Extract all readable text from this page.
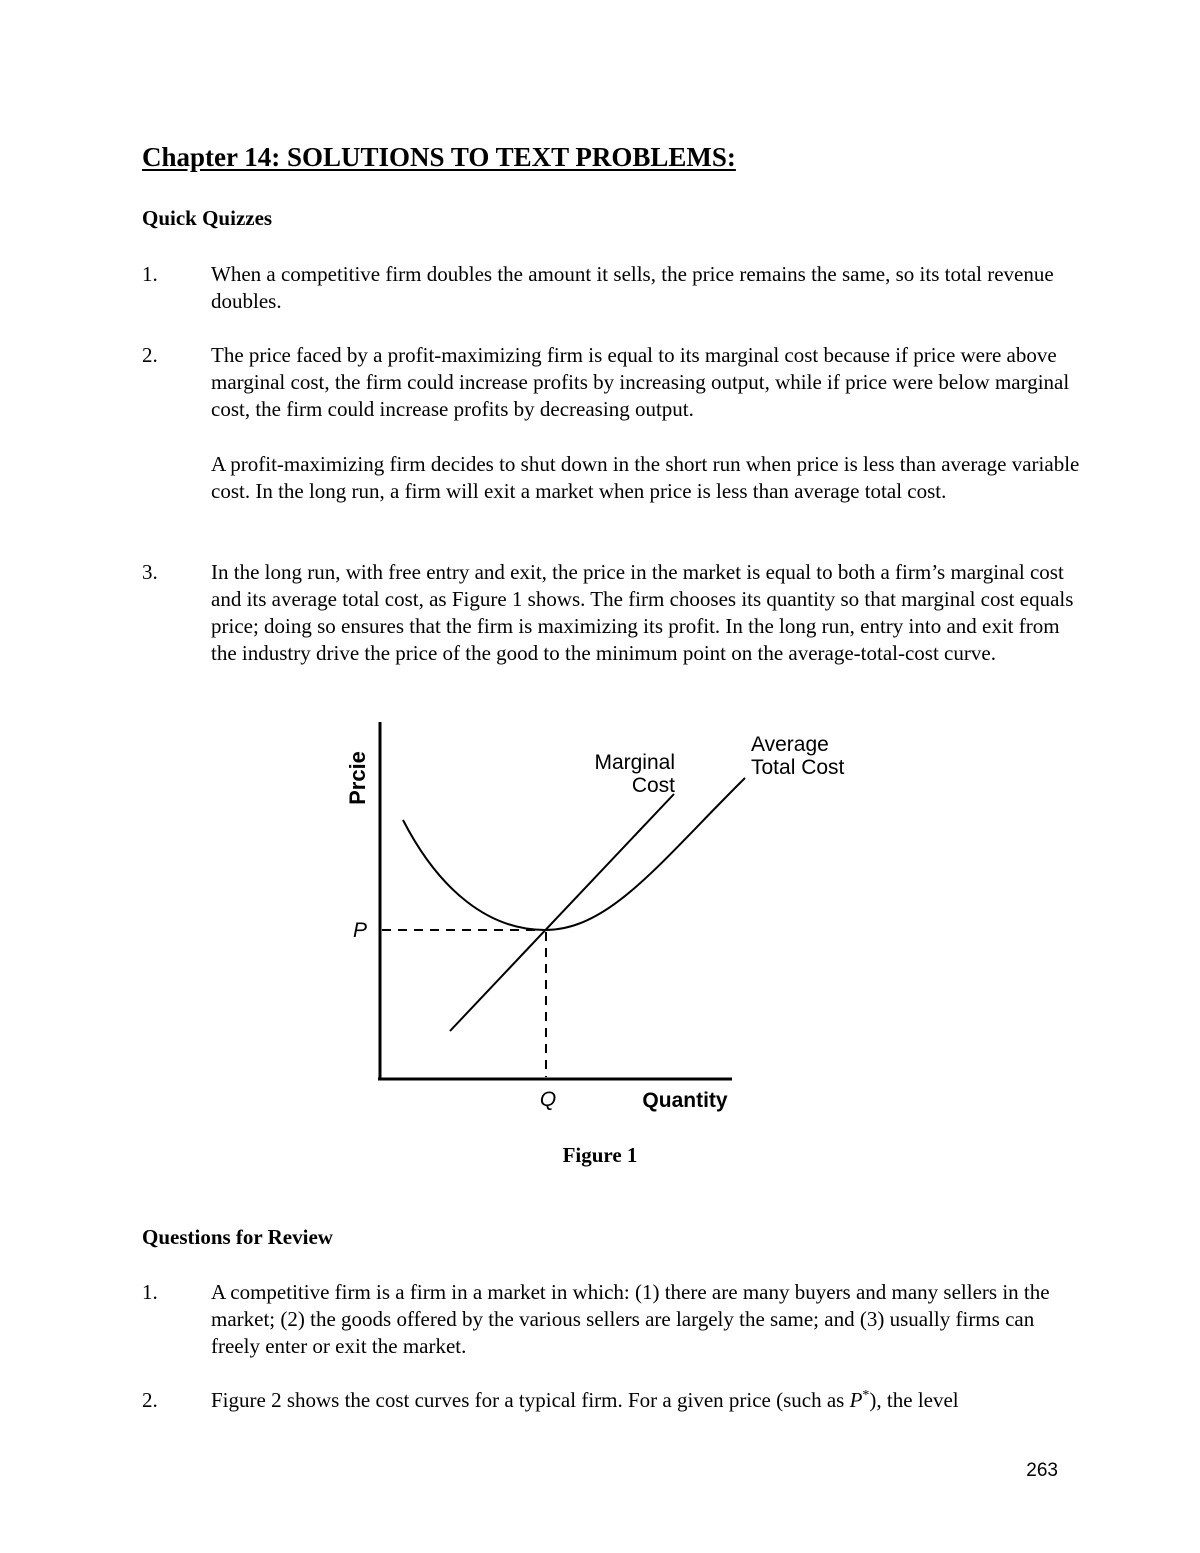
Chapter 14: SOLUTIONS TO TEXT PROBLEMS:
Quick Quizzes
1.	When a competitive firm doubles the amount it sells, the price remains the same, so its total revenue doubles.
2.	The price faced by a profit-maximizing firm is equal to its marginal cost because if price were above marginal cost, the firm could increase profits by increasing output, while if price were below marginal cost, the firm could increase profits by decreasing output.
A profit-maximizing firm decides to shut down in the short run when price is less than average variable cost. In the long run, a firm will exit a market when price is less than average total cost.
3.	In the long run, with free entry and exit, the price in the market is equal to both a firm’s marginal cost and its average total cost, as Figure 1 shows. The firm chooses its quantity so that marginal cost equals price; doing so ensures that the firm is maximizing its profit. In the long run, entry into and exit from the industry drive the price of the good to the minimum point on the average-total-cost curve.
Prcie
P
Q	Quantity
Marginal
Cost
Average
Total Cost
Figure 1
Questions for Review
1.	A competitive firm is a firm in a market in which: (1) there are many buyers and many sellers in the market; (2) the goods offered by the various sellers are largely the same; and (3) usually firms can freely enter or exit the market.
2.	Figure 2 shows the cost curves for a typical firm. For a given price (such as P*), the level
263
